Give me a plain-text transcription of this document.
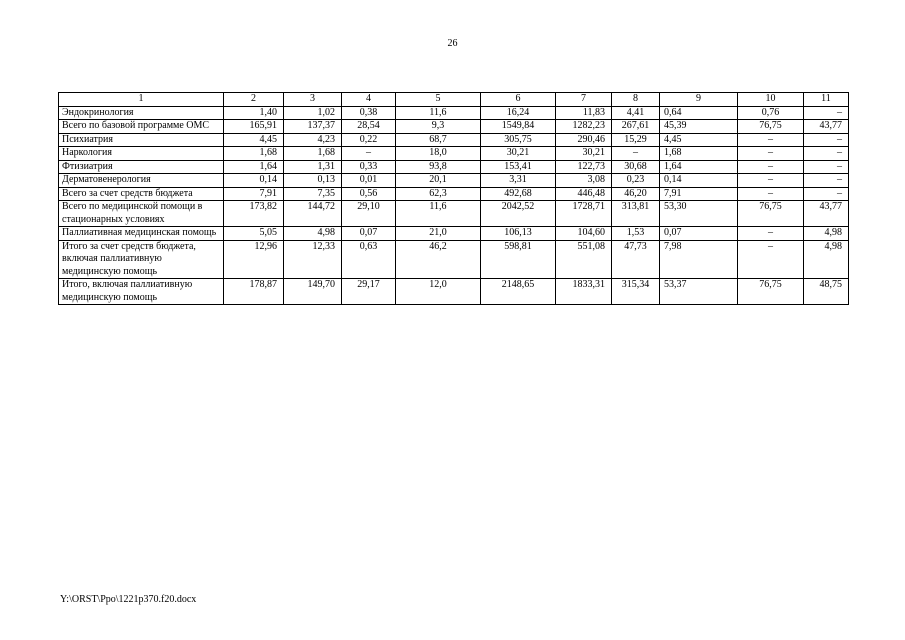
26
1	2	3	4	5	6	7	8	9	10	11
Эндокринология	1,40	1,02	0,38	11,6	16,24	11,83	4,41	0,64	0,76	–
Всего по базовой программе ОМС	165,91	137,37	28,54	9,3	1549,84	1282,23	267,61	45,39	76,75	43,77
Психиатрия	4,45	4,23	0,22	68,7	305,75	290,46	15,29	4,45	–	–
Наркология	1,68	1,68	–	18,0	30,21	30,21	–	1,68	–	–
Фтизиатрия	1,64	1,31	0,33	93,8	153,41	122,73	30,68	1,64	–	–
Дерматовенерология	0,14	0,13	0,01	20,1	3,31	3,08	0,23	0,14	–	–
Всего за счет средств бюджета	7,91	7,35	0,56	62,3	492,68	446,48	46,20	7,91	–	–
Всего по медицинской помощи в стационарных условиях	173,82	144,72	29,10	11,6	2042,52	1728,71	313,81	53,30	76,75	43,77
Паллиативная медицинская помощь	5,05	4,98	0,07	21,0	106,13	104,60	1,53	0,07	–	4,98
Итого за счет средств бюджета, включая паллиативную медицинскую помощь	12,96	12,33	0,63	46,2	598,81	551,08	47,73	7,98	–	4,98
Итого, включая паллиативную медицинскую помощь	178,87	149,70	29,17	12,0	2148,65	1833,31	315,34	53,37	76,75	48,75
Y:\ORST\Ppo\1221p370.f20.docx
